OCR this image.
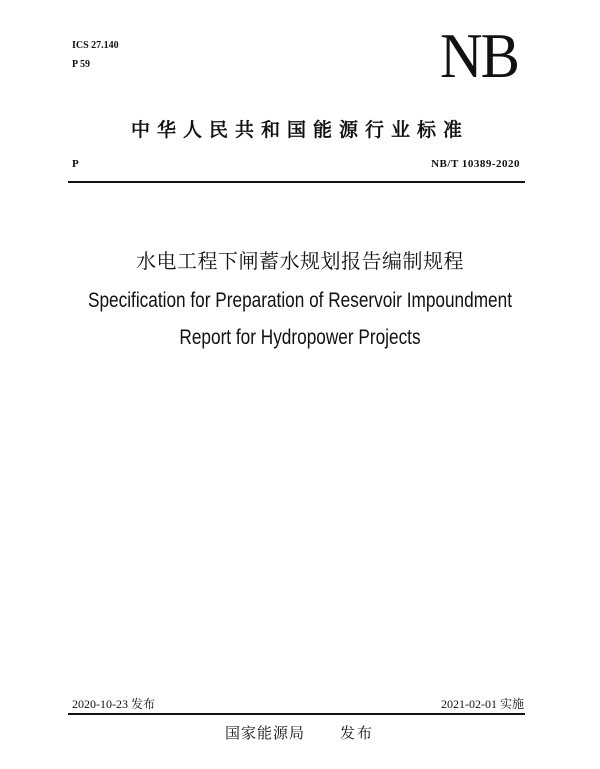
ICS 27.140
P 59	NB
中华人民共和国能源行业标准
P	NB/T 10389-2020
水电工程下闸蓄水规划报告编制规程
Specification for Preparation of Reservoir Impoundment
Report for Hydropower Projects
2020-10-23 发布	2021-02-01 实施
国家能源局 发布
